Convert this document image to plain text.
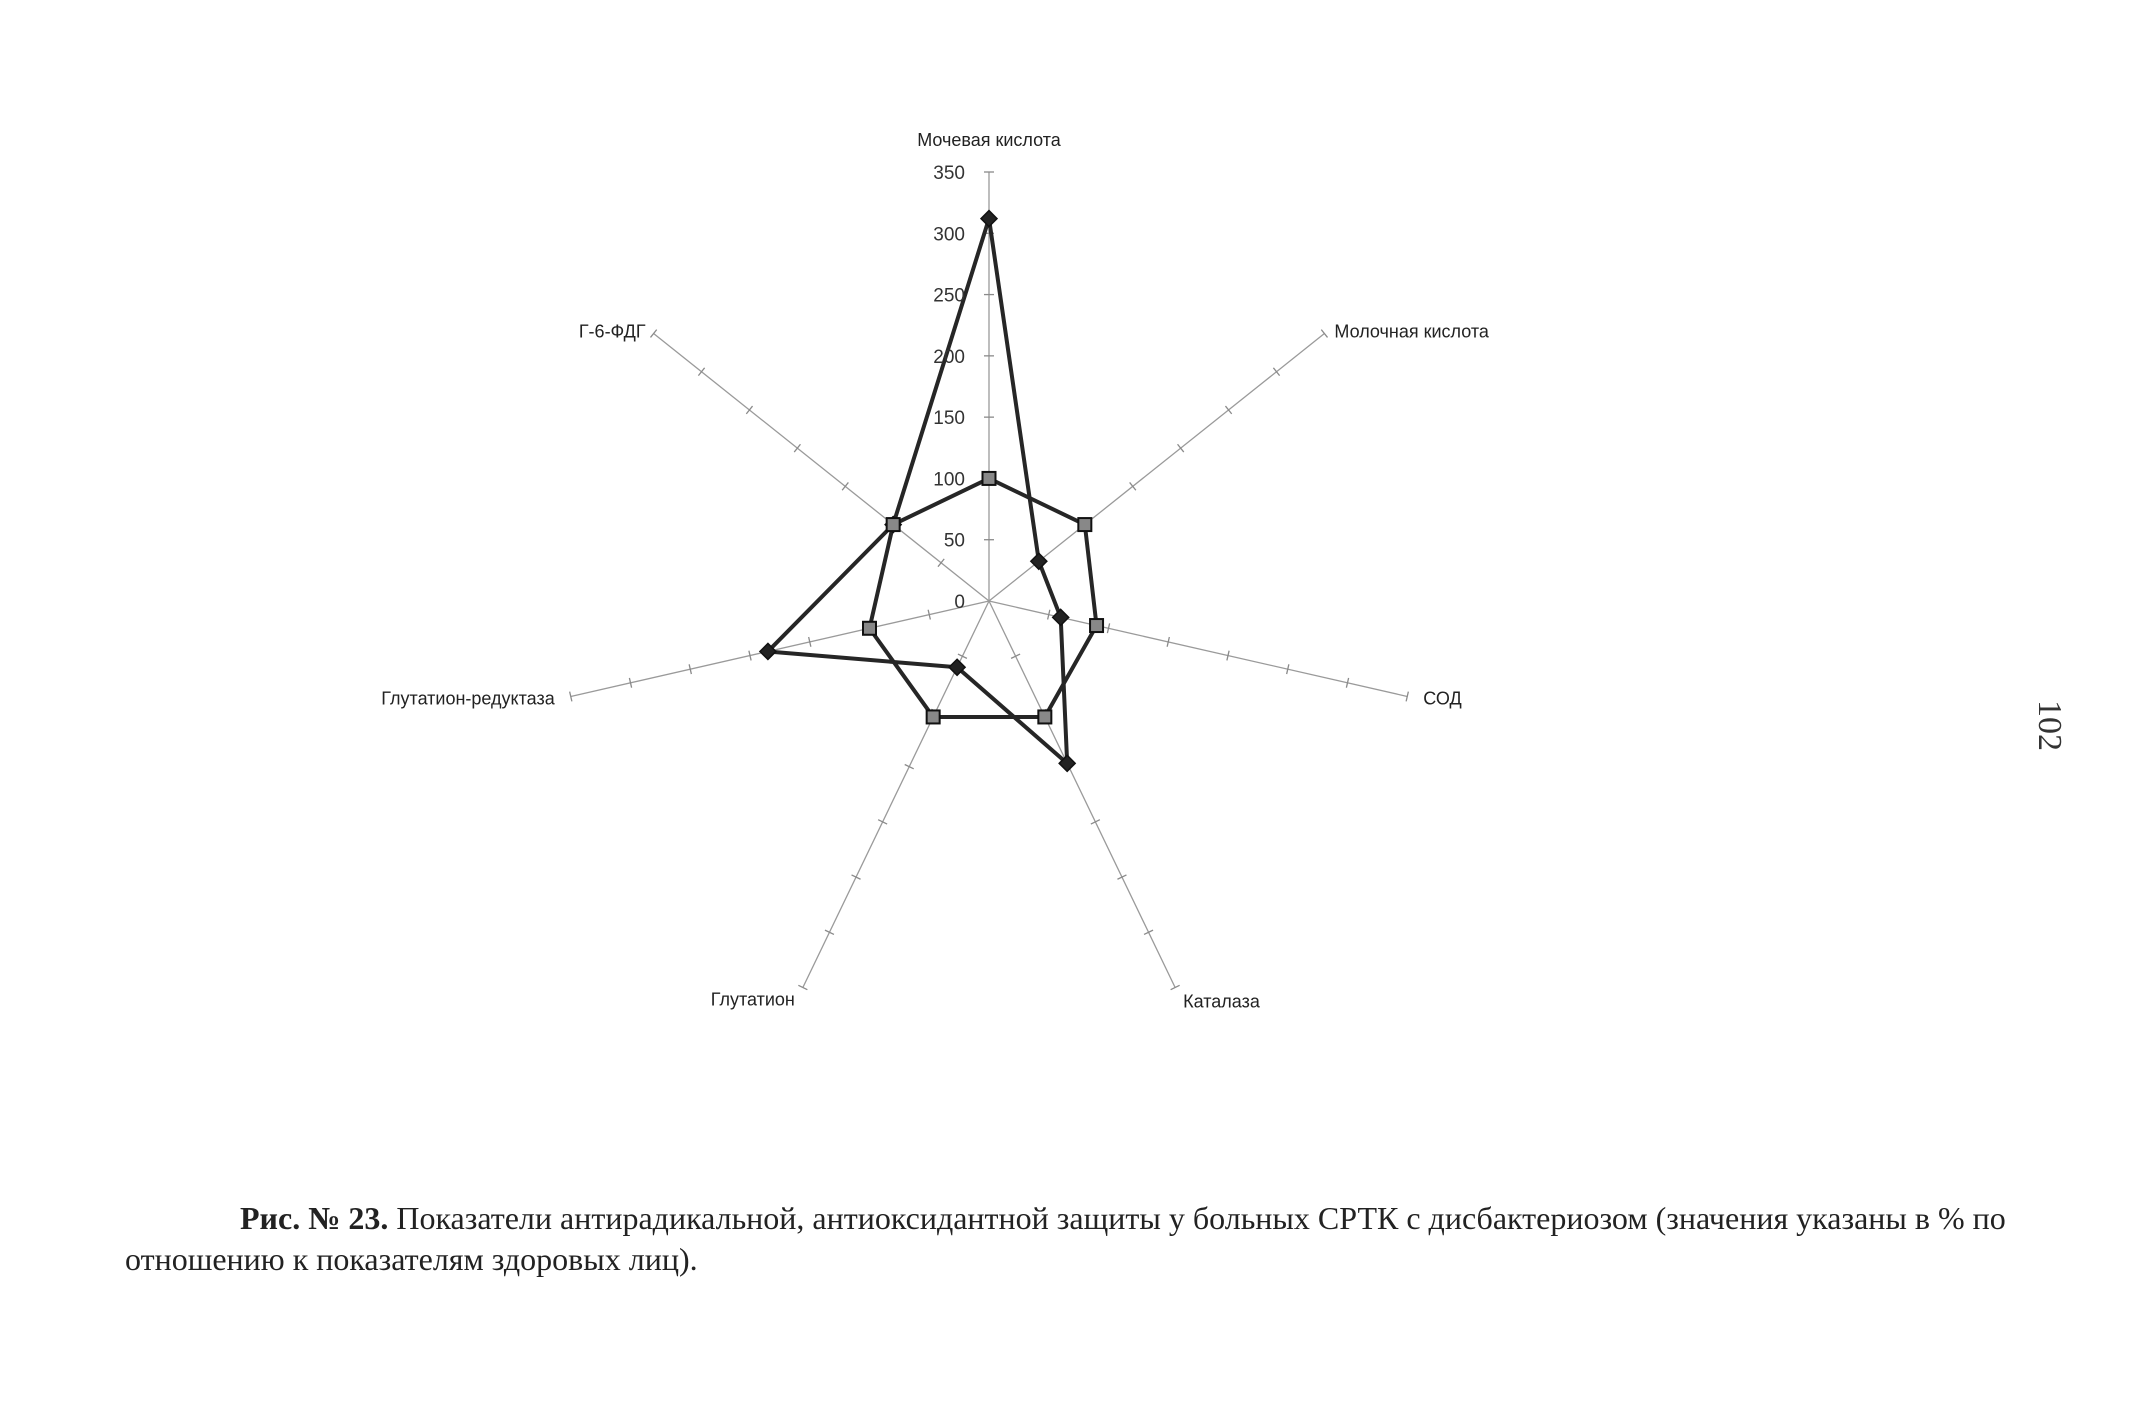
0
50
100
150
200
250
300
350
Мочевая кислота
Молочная кислота
СОД
Каталаза
Глутатион
Глутатион-редуктаза
Г-6-ФДГ
Рис. № 23. Показатели антирадикальной, антиоксидантной защиты у больных СРТК с дисбактериозом (значения указаны в % по отношению к показателям здоровых лиц).
102
